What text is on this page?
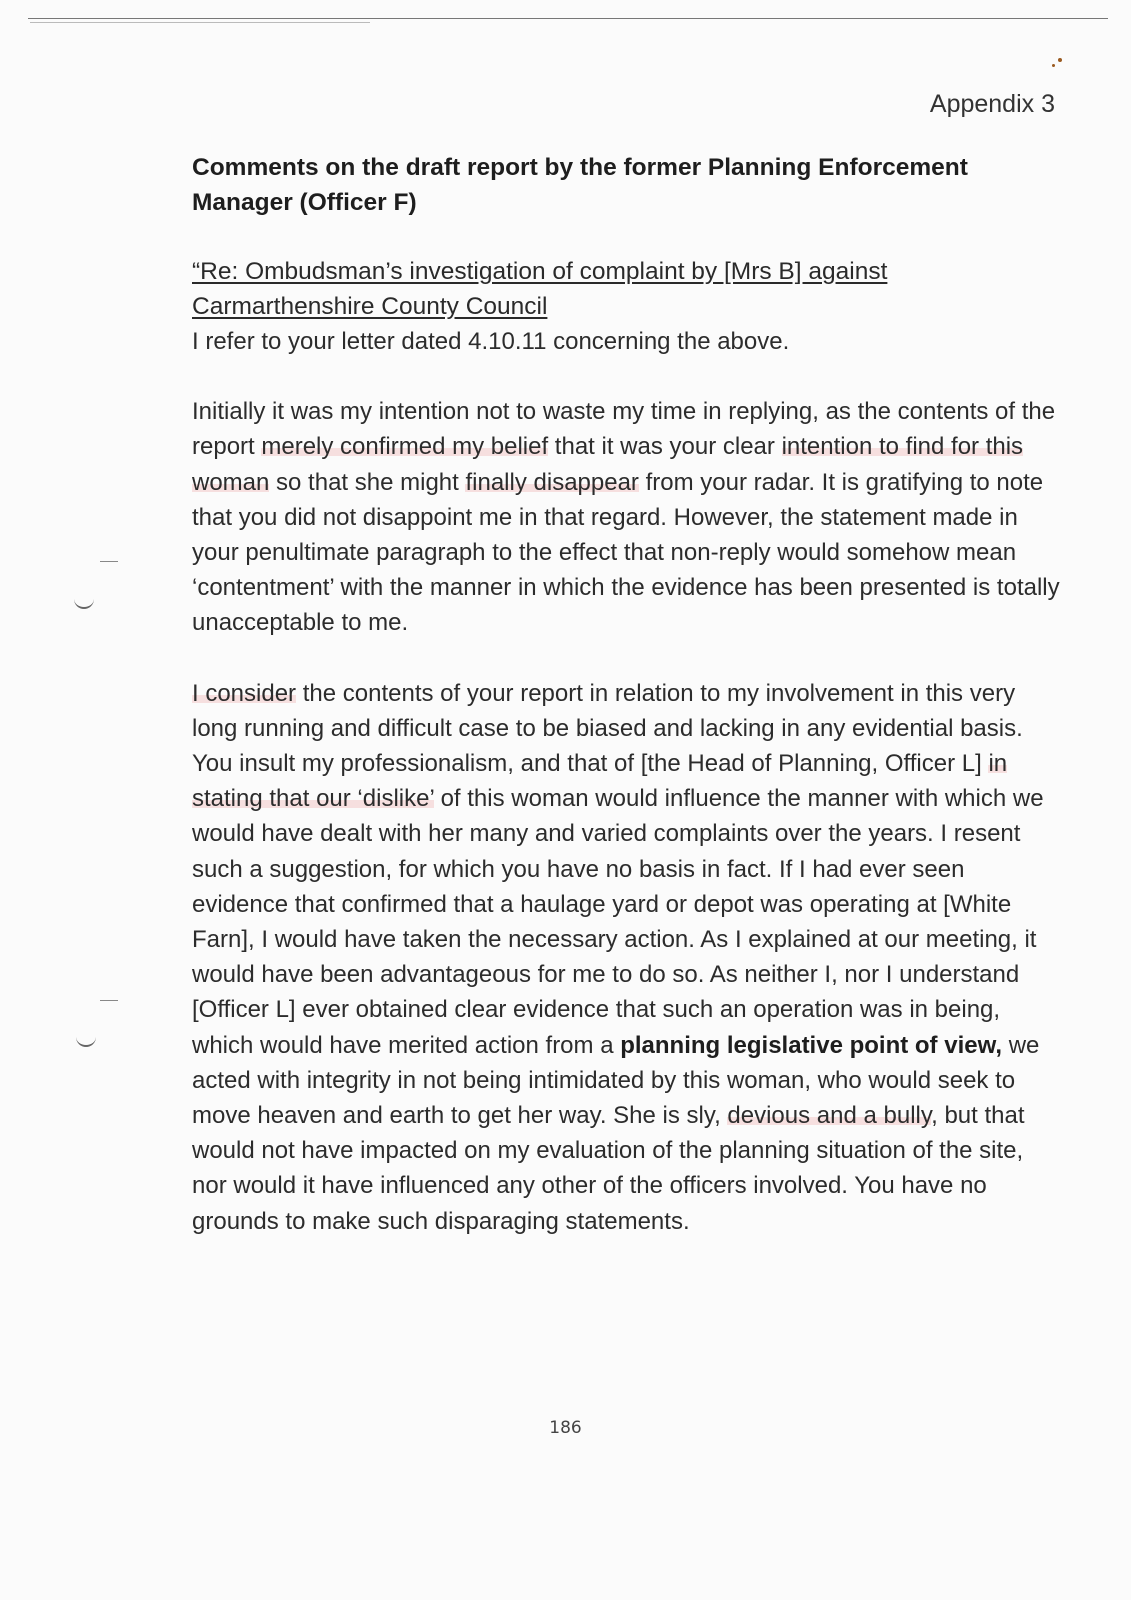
Appendix 3

Comments on the draft report by the former Planning Enforcement Manager (Officer F)

“Re: Ombudsman’s investigation of complaint by [Mrs B] against

Carmarthenshire County Council

I refer to your letter dated 4.10.11 concerning the above.

Initially it was my intention not to waste my time in replying, as the contents of the report merely confirmed my belief that it was your clear intention to find for this woman so that she might finally disappear from your radar. It is gratifying to note that you did not disappoint me in that regard. However, the statement made in your penultimate paragraph to the effect that non-reply would somehow mean ‘contentment’ with the manner in which the evidence has been presented is totally unacceptable to me.

I consider the contents of your report in relation to my involvement in this very long running and difficult case to be biased and lacking in any evidential basis. You insult my professionalism, and that of [the Head of Planning, Officer L] in stating that our ‘dislike’ of this woman would influence the manner with which we would have dealt with her many and varied complaints over the years. I resent such a suggestion, for which you have no basis in fact. If I had ever seen evidence that confirmed that a haulage yard or depot was operating at [White Farn], I would have taken the necessary action. As I explained at our meeting, it would have been advantageous for me to do so. As neither I, nor I understand [Officer L] ever obtained clear evidence that such an operation was in being, which would have merited action from a planning legislative point of view, we acted with integrity in not being intimidated by this woman, who would seek to move heaven and earth to get her way. She is sly, devious and a bully, but that would not have impacted on my evaluation of the planning situation of the site, nor would it have influenced any other of the officers involved. You have no grounds to make such disparaging statements.

186
